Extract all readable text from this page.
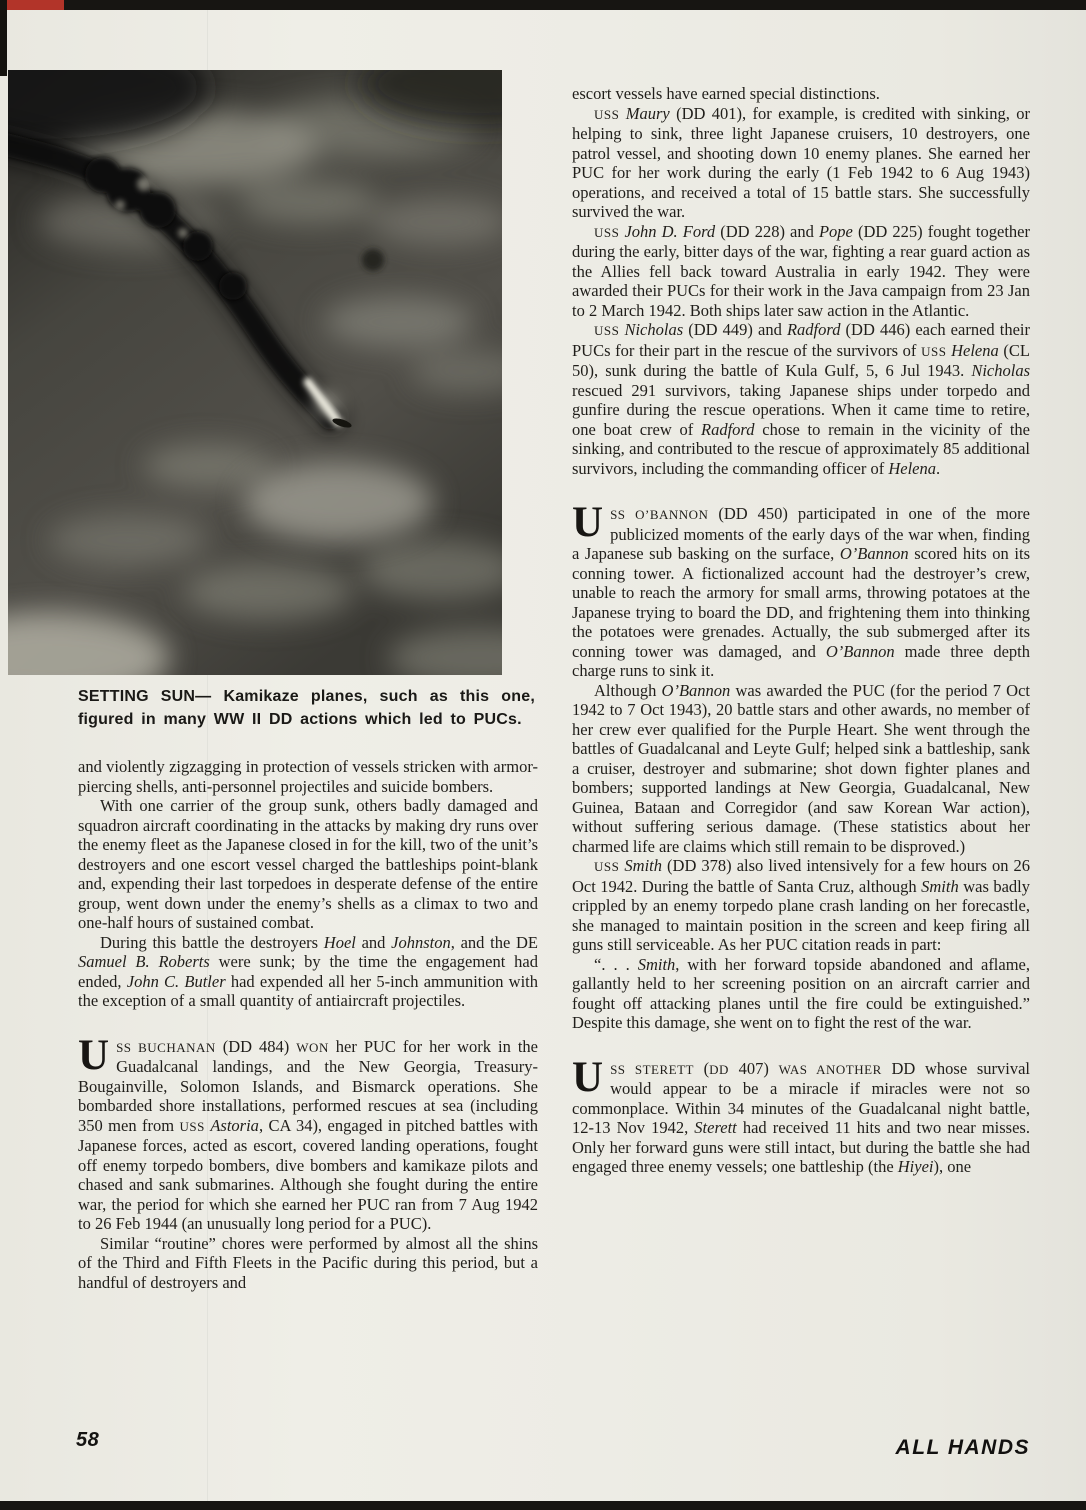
SETTING SUN— Kamikaze planes, such as this one, figured in many WW II DD actions which led to PUCs.

and violently zigzagging in protection of vessels stricken with armor-piercing shells, anti-personnel projectiles and suicide bombers.

With one carrier of the group sunk, others badly damaged and squadron aircraft coordinating in the attacks by making dry runs over the enemy fleet as the Japanese closed in for the kill, two of the unit’s destroyers and one escort vessel charged the battleships point-blank and, expending their last torpedoes in desperate defense of the entire group, went down under the enemy’s shells as a climax to two and one-half hours of sustained combat.

During this battle the destroyers Hoel and Johnston, and the DE Samuel B. Roberts were sunk; by the time the engagement had ended, John C. Butler had expended all her 5-inch ammunition with the exception of a small quantity of antiaircraft projectiles.

USS BUCHANAN (DD 484) WON her PUC for her work in the Guadalcanal landings, and the New Georgia, Treasury-Bougainville, Solomon Islands, and Bismarck operations. She bombarded shore installations, performed rescues at sea (including 350 men from USS Astoria, CA 34), engaged in pitched battles with Japanese forces, acted as escort, covered landing operations, fought off enemy torpedo bombers, dive bombers and kamikaze pilots and chased and sank submarines. Although she fought during the entire war, the period for which she earned her PUC ran from 7 Aug 1942 to 26 Feb 1944 (an unusually long period for a PUC).

Similar “routine” chores were performed by almost all the shins of the Third and Fifth Fleets in the Pacific during this period, but a handful of destroyers and

escort vessels have earned special distinctions.

USS Maury (DD 401), for example, is credited with sinking, or helping to sink, three light Japanese cruisers, 10 destroyers, one patrol vessel, and shooting down 10 enemy planes. She earned her PUC for her work during the early (1 Feb 1942 to 6 Aug 1943) operations, and received a total of 15 battle stars. She successfully survived the war.

USS John D. Ford (DD 228) and Pope (DD 225) fought together during the early, bitter days of the war, fighting a rear guard action as the Allies fell back toward Australia in early 1942. They were awarded their PUCs for their work in the Java campaign from 23 Jan to 2 March 1942. Both ships later saw action in the Atlantic.

USS Nicholas (DD 449) and Radford (DD 446) each earned their PUCs for their part in the rescue of the survivors of USS Helena (CL 50), sunk during the battle of Kula Gulf, 5, 6 Jul 1943. Nicholas rescued 291 survivors, taking Japanese ships under torpedo and gunfire during the rescue operations. When it came time to retire, one boat crew of Radford chose to remain in the vicinity of the sinking, and contributed to the rescue of approximately 85 additional survivors, including the commanding officer of Helena.

USS O’BANNON (DD 450) participated in one of the more publicized moments of the early days of the war when, finding a Japanese sub basking on the surface, O’Bannon scored hits on its conning tower. A fictionalized account had the destroyer’s crew, unable to reach the armory for small arms, throwing potatoes at the Japanese trying to board the DD, and frightening them into thinking the potatoes were grenades. Actually, the sub submerged after its conning tower was damaged, and O’Bannon made three depth charge runs to sink it.

Although O’Bannon was awarded the PUC (for the period 7 Oct 1942 to 7 Oct 1943), 20 battle stars and other awards, no member of her crew ever qualified for the Purple Heart. She went through the battles of Guadalcanal and Leyte Gulf; helped sink a battleship, sank a cruiser, destroyer and submarine; shot down fighter planes and bombers; supported landings at New Georgia, Guadalcanal, New Guinea, Bataan and Corregidor (and saw Korean War action), without suffering serious damage. (These statistics about her charmed life are claims which still remain to be disproved.)

USS Smith (DD 378) also lived intensively for a few hours on 26 Oct 1942. During the battle of Santa Cruz, although Smith was badly crippled by an enemy torpedo plane crash landing on her forecastle, she managed to maintain position in the screen and keep firing all guns still serviceable. As her PUC citation reads in part:

“. . . Smith, with her forward topside abandoned and aflame, gallantly held to her screening position on an aircraft carrier and fought off attacking planes until the fire could be extinguished.” Despite this damage, she went on to fight the rest of the war.

USS STERETT (DD 407) WAS ANOTHER DD whose survival would appear to be a miracle if miracles were not so commonplace. Within 34 minutes of the Guadalcanal night battle, 12-13 Nov 1942, Sterett had received 11 hits and two near misses. Only her forward guns were still intact, but during the battle she had engaged three enemy vessels; one battleship (the Hiyei), one

58	ALL HANDS
